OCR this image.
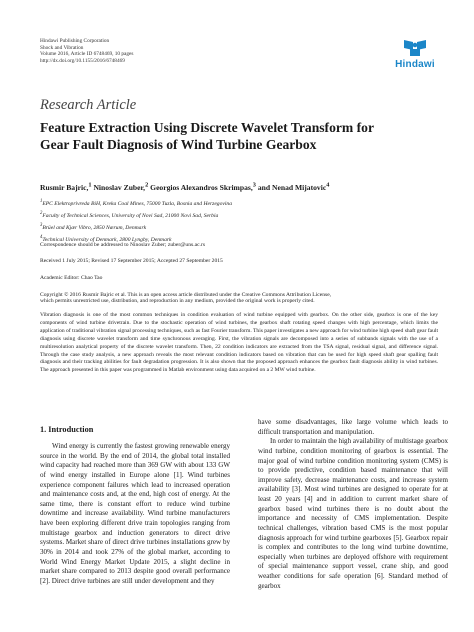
Hindawi Publishing Corporation
Shock and Vibration
Volume 2016, Article ID 6748469, 10 pages
http://dx.doi.org/10.1155/2016/6748469	Hindawi
Research Article
Feature Extraction Using Discrete Wavelet Transform for
Gear Fault Diagnosis of Wind Turbine Gearbox
Rusmir Bajric,$^1$ Ninoslav Zuber,$^2$ Georgios Alexandros Skrimpas,$^3$ and Nenad Mijatovic$^4$
$^1$EPC Elektroprivreda BiH, Kreka Coal Mines, 75000 Tuzla, Bosnia and Herzegovina
$^2$Faculty of Technical Sciences, University of Novi Sad, 21000 Novi Sad, Serbia
$^3$Brüel and Kjær Vibro, 2850 Nærum, Denmark
$^4$Technical University of Denmark, 2800 Lyngby, Denmark
Correspondence should be addressed to Ninoslav Zuber; zuber@uns.ac.rs
Received 1 July 2015; Revised 17 September 2015; Accepted 27 September 2015
Academic Editor: Chao Tao
Copyright © 2016 Rusmir Bajric et al. This is an open access article distributed under the Creative Commons Attribution License,
which permits unrestricted use, distribution, and reproduction in any medium, provided the original work is properly cited.

Vibration diagnosis is one of the most common techniques in condition evaluation of wind turbine equipped with gearbox. On the other side, gearbox is one of the key components of wind turbine drivetrain. Due to the stochastic operation of wind turbines, the gearbox shaft rotating speed changes with high percentage, which limits the application of traditional vibration signal processing techniques, such as fast Fourier transform. This paper investigates a new approach for wind turbine high speed shaft gear fault diagnosis using discrete wavelet transform and time synchronous averaging. First, the vibration signals are decomposed into a series of subbands signals with the use of a multiresolution analytical property of the discrete wavelet transform. Then, 22 condition indicators are extracted from the TSA signal, residual signal, and difference signal. Through the case study analysis, a new approach reveals the most relevant condition indicators based on vibration that can be used for high speed shaft gear spalling fault diagnosis and their tracking abilities for fault degradation progression. It is also shown that the proposed approach enhances the gearbox fault diagnosis ability in wind turbines. The approach presented in this paper was programmed in Matlab environment using data acquired on a 2 MW wind turbine.

1. Introduction

Wind energy is currently the fastest growing renewable energy source in the world. By the end of 2014, the global total installed wind capacity had reached more than 369 GW with about 133 GW of wind energy installed in Europe alone [1]. Wind turbines experience component failures which lead to increased operation and maintenance costs and, at the end, high cost of energy. At the same time, there is constant effort to reduce wind turbine downtime and increase availability. Wind turbine manufacturers have been exploring different drive train topologies ranging from multistage gearbox and induction generators to direct drive systems. Market share of direct drive turbines installations grew by 30% in 2014 and took 27% of the global market, according to World Wind Energy Market Update 2015, a slight decline in market share compared to 2013 despite good overall performance [2]. Direct drive turbines are still under development and they

have some disadvantages, like large volume which leads to difficult transportation and manipulation.

In order to maintain the high availability of multistage gearbox wind turbine, condition monitoring of gearbox is essential. The major goal of wind turbine condition monitoring system (CMS) is to provide predictive, condition based maintenance that will improve safety, decrease maintenance costs, and increase system availability [3]. Most wind turbines are designed to operate for at least 20 years [4] and in addition to current market share of gearbox based wind turbines there is no doubt about the importance and necessity of CMS implementation. Despite technical challenges, vibration based CMS is the most popular diagnosis approach for wind turbine gearboxes [5]. Gearbox repair is complex and contributes to the long wind turbine downtime, especially when turbines are deployed offshore with requirement of special maintenance support vessel, crane ship, and good weather conditions for safe operation [6]. Standard method of gearbox
